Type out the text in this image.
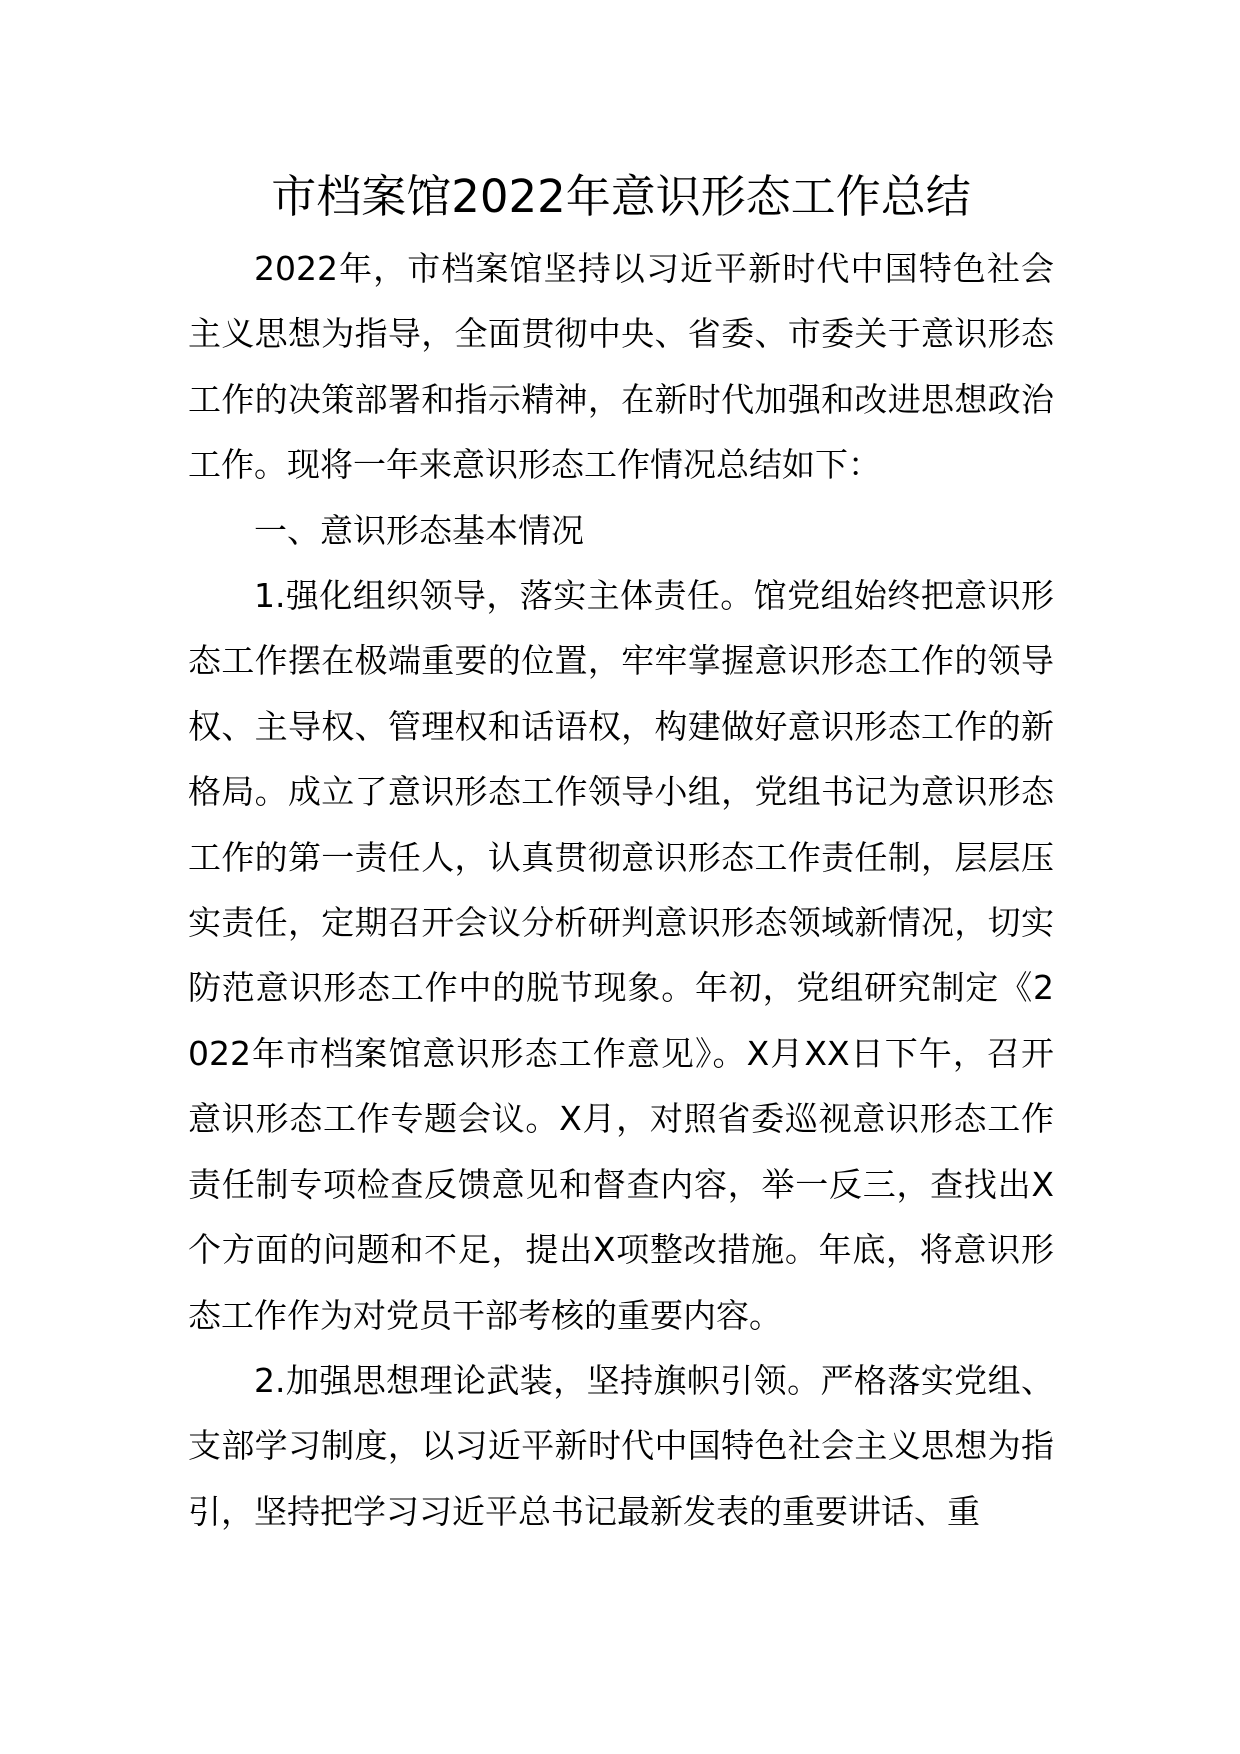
市档案馆2022年意识形态工作总结

2022年，市档案馆坚持以习近平新时代中国特色社会主义思想为指导，全面贯彻中央、省委、市委关于意识形态工作的决策部署和指示精神，在新时代加强和改进思想政治工作。现将一年来意识形态工作情况总结如下：

一、意识形态基本情况

1.强化组织领导，落实主体责任。馆党组始终把意识形态工作摆在极端重要的位置，牢牢掌握意识形态工作的领导权、主导权、管理权和话语权，构建做好意识形态工作的新格局。成立了意识形态工作领导小组，党组书记为意识形态工作的第一责任人，认真贯彻意识形态工作责任制，层层压实责任，定期召开会议分析研判意识形态领域新情况，切实防范意识形态工作中的脱节现象。年初，党组研究制定《2022年市档案馆意识形态工作意见》。X月XX日下午，召开意识形态工作专题会议。X月，对照省委巡视意识形态工作责任制专项检查反馈意见和督查内容，举一反三，查找出X个方面的问题和不足，提出X项整改措施。年底，将意识形态工作作为对党员干部考核的重要内容。

2.加强思想理论武装，坚持旗帜引领。严格落实党组、支部学习制度，以习近平新时代中国特色社会主义思想为指引，坚持把学习习近平总书记最新发表的重要讲话、重
